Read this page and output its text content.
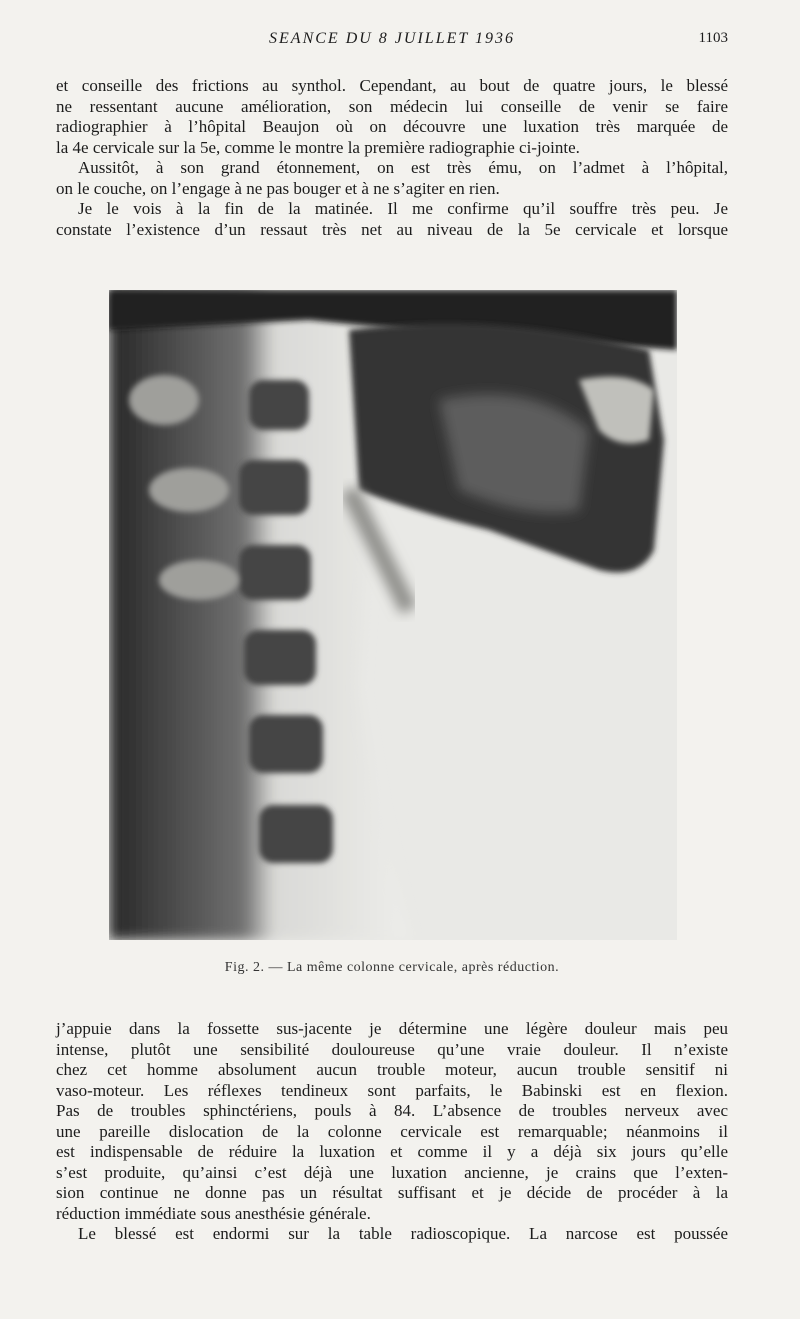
SEANCE DU 8 JUILLET 1936	1103
et conseille des frictions au synthol. Cependant, au bout de quatre jours, le blessé
ne ressentant aucune amélioration, son médecin lui conseille de venir se faire
radiographier à l’hôpital Beaujon où on découvre une luxation très marquée de
la 4e cervicale sur la 5e, comme le montre la première radiographie ci-jointe.
Aussitôt, à son grand étonnement, on est très ému, on l’admet à l’hôpital,
on le couche, on l’engage à ne pas bouger et à ne s’agiter en rien.
Je le vois à la fin de la matinée. Il me confirme qu’il souffre très peu. Je
constate l’existence d’un ressaut très net au niveau de la 5e cervicale et lorsque
Fig. 2. — La même colonne cervicale, après réduction.
j’appuie dans la fossette sus-jacente je détermine une légère douleur mais peu
intense, plutôt une sensibilité douloureuse qu’une vraie douleur. Il n’existe
chez cet homme absolument aucun trouble moteur, aucun trouble sensitif ni
vaso-moteur. Les réflexes tendineux sont parfaits, le Babinski est en flexion.
Pas de troubles sphinctériens, pouls à 84. L’absence de troubles nerveux avec
une pareille dislocation de la colonne cervicale est remarquable; néanmoins il
est indispensable de réduire la luxation et comme il y a déjà six jours qu’elle
s’est produite, qu’ainsi c’est déjà une luxation ancienne, je crains que l’exten-
sion continue ne donne pas un résultat suffisant et je décide de procéder à la
réduction immédiate sous anesthésie générale.
Le blessé est endormi sur la table radioscopique. La narcose est poussée
